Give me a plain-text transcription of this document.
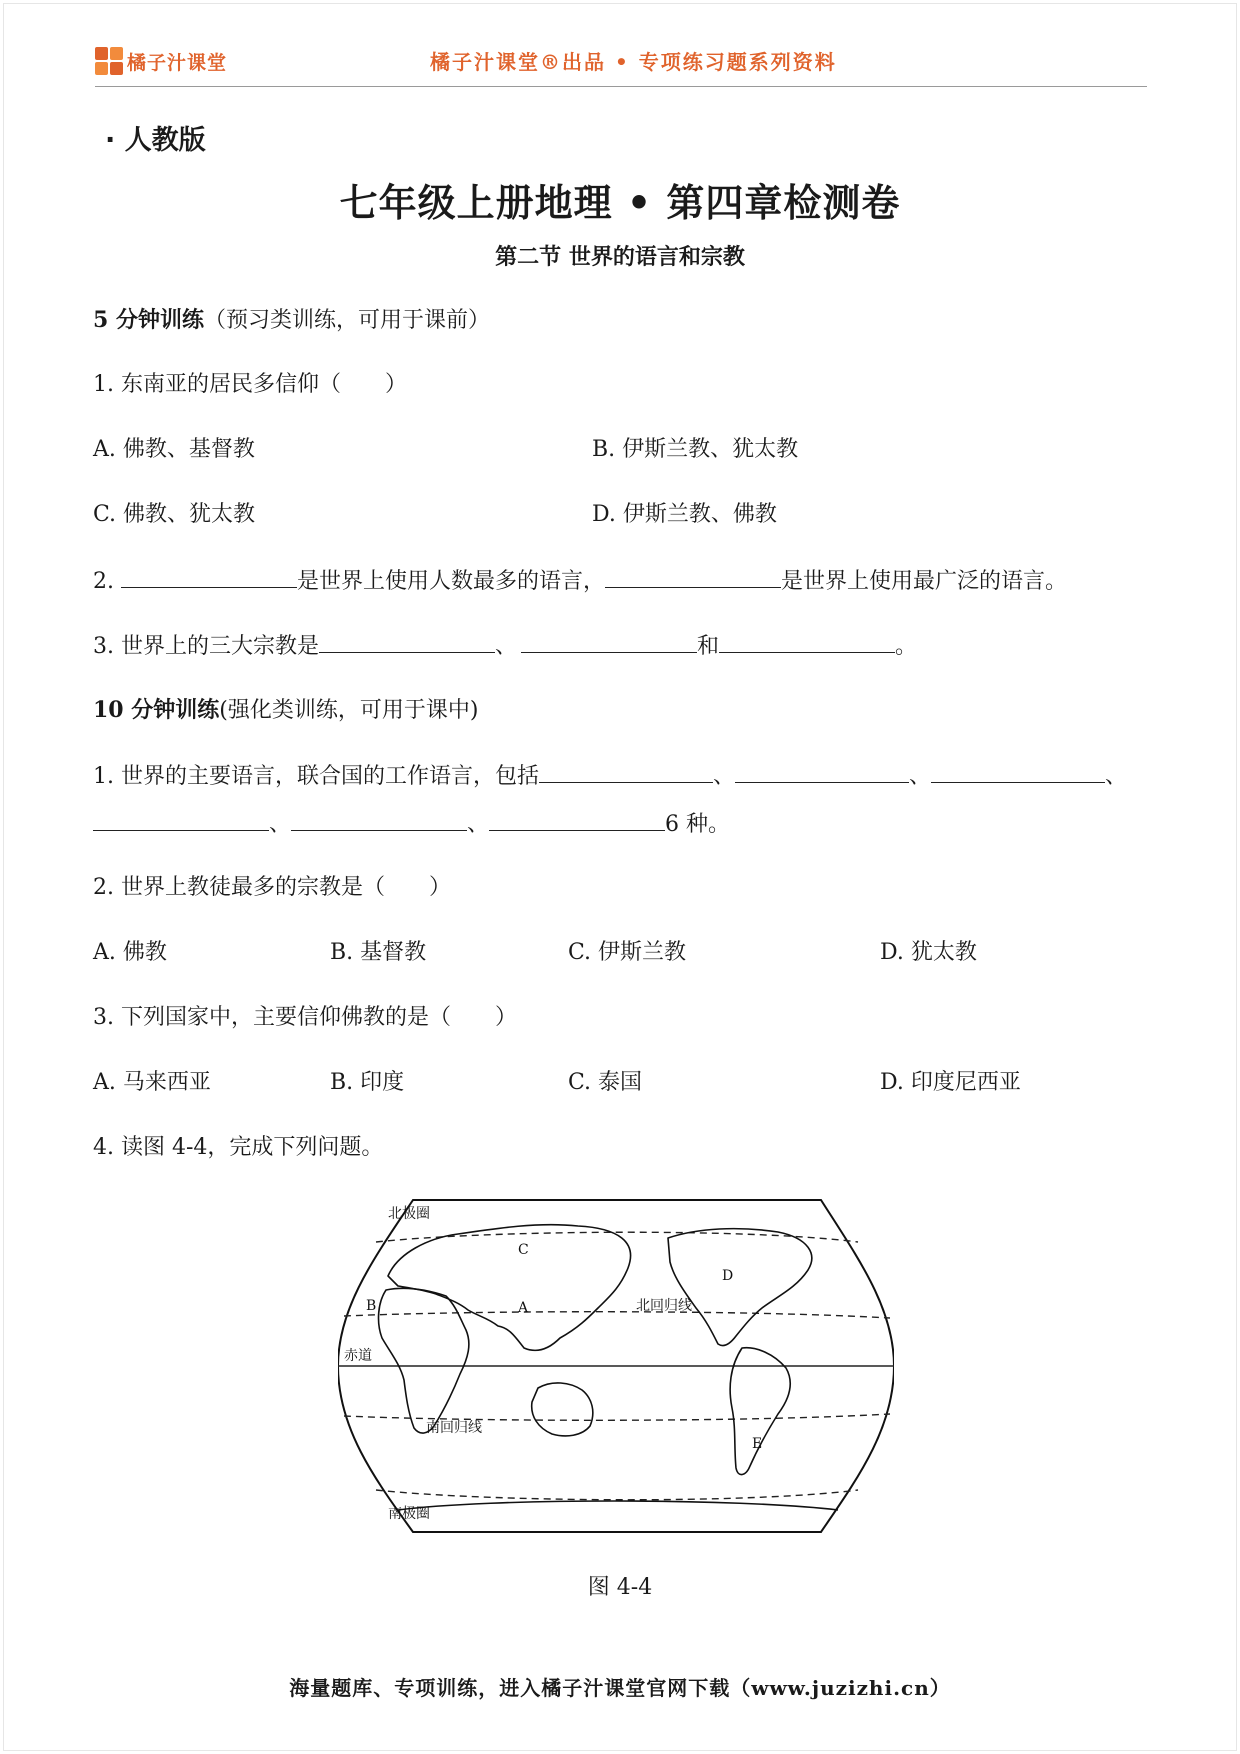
橘子汁课堂	橘子汁课堂®出品 • 专项练习题系列资料
· 人教版
七年级上册地理 • 第四章检测卷
第二节 世界的语言和宗教
5 分钟训练（预习类训练，可用于课前）
1. 东南亚的居民多信仰（　　）
A. 佛教、基督教	B. 伊斯兰教、犹太教
C. 佛教、犹太教	D. 伊斯兰教、佛教
2.	是世界上使用人数最多的语言，	是世界上使用最广泛的语言。
3. 世界上的三大宗教是	、	和	。
10 分钟训练(强化类训练，可用于课中)
1. 世界的主要语言，联合国的工作语言，包括	、	、	、
、	、	6 种。
2. 世界上教徒最多的宗教是（　　）
A. 佛教	B. 基督教	C. 伊斯兰教	D. 犹太教
3. 下列国家中，主要信仰佛教的是（　　）
A. 马来西亚	B. 印度	C. 泰国	D. 印度尼西亚
4. 读图 4-4，完成下列问题。
北极圈
北回归线
赤道
南回归线
南极圈
A
B
C
D
E
图 4-4
海量题库、专项训练，进入橘子汁课堂官网下载（www.juzizhi.cn）
